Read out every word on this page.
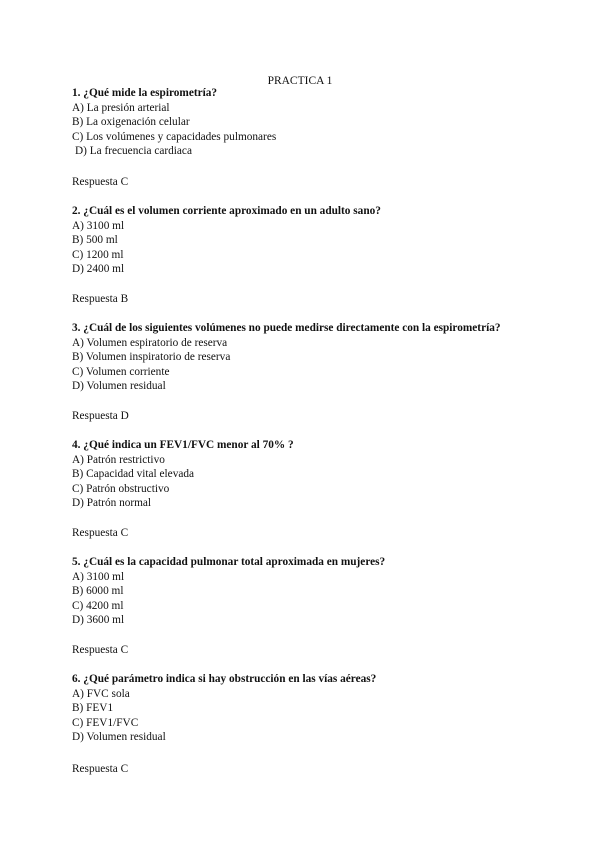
PRACTICA 1
1. ¿Qué mide la espirometría?
A) La presión arterial
B) La oxigenación celular
C) Los volúmenes y capacidades pulmonares
D) La frecuencia cardiaca
Respuesta C
2. ¿Cuál es el volumen corriente aproximado en un adulto sano?
A) 3100 ml
B) 500 ml
C) 1200 ml
D) 2400 ml
Respuesta B
3. ¿Cuál de los siguientes volúmenes no puede medirse directamente con la espirometría?
A) Volumen espiratorio de reserva
B) Volumen inspiratorio de reserva
C) Volumen corriente
D) Volumen residual
Respuesta D
4. ¿Qué indica un FEV1/FVC menor al 70% ?
A) Patrón restrictivo
B) Capacidad vital elevada
C) Patrón obstructivo
D) Patrón normal
Respuesta C
5. ¿Cuál es la capacidad pulmonar total aproximada en mujeres?
A) 3100 ml
B) 6000 ml
C) 4200 ml
D) 3600 ml
Respuesta C
6. ¿Qué parámetro indica si hay obstrucción en las vías aéreas?
A) FVC sola
B) FEV1
C) FEV1/FVC
D) Volumen residual
Respuesta C
